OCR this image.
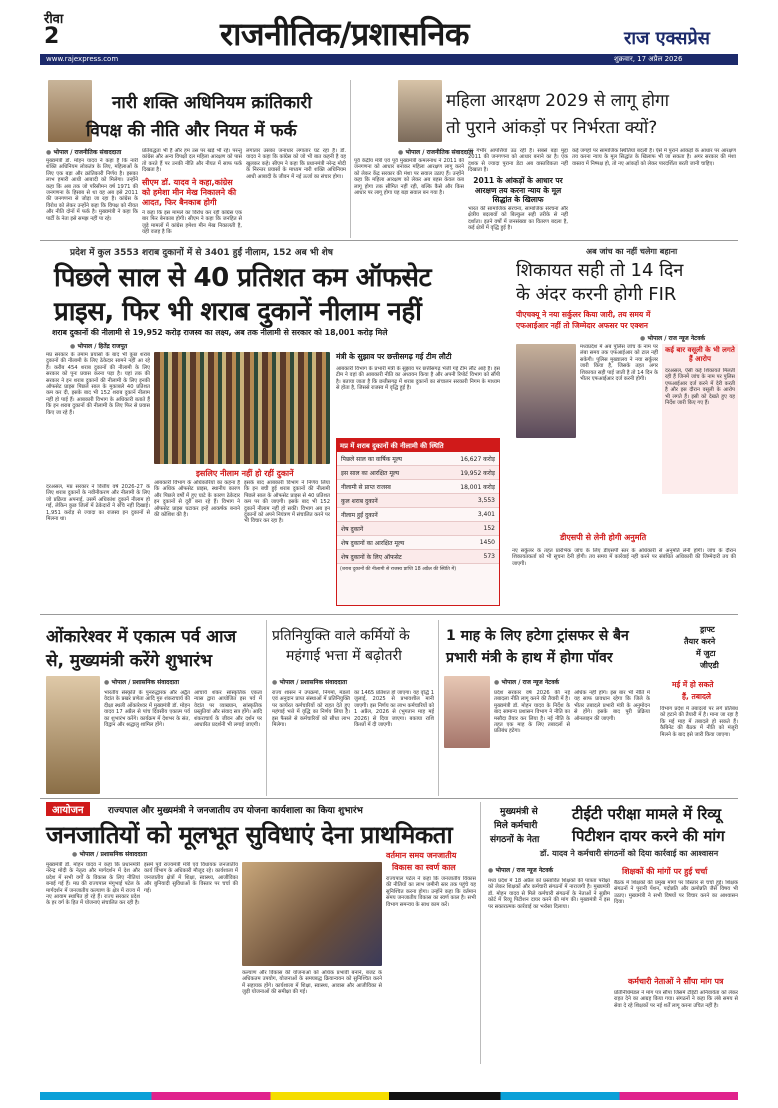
रीवा
2	राजनीतिक/प्रशासनिक	राज एक्सप्रेस
www.rajexpress.com	शुक्रवार, 17 अप्रैल 2026
नारी शक्ति अधिनियम क्रांतिकारी
विपक्ष की नीति और नियत में फर्क
● भोपाल / राजनीतिक संवाददाता
मुख्यमंत्री डॉ. मोहन यादव ने कहा है कि नारी शक्ति अधिनियम लोकतंत्र के लिए, महिलाओं के लिए एक बड़ा और क्रांतिकारी निर्णय है। इसका लाभ हमारी आधी आबादी को मिलेगा। उन्होंने कहा कि अब तक जो परिसीमन वर्ष 1971 की जनगणना के हिसाब से था वह अब इसे 2011 की जनगणना से जोड़ा जा रहा है। कांग्रेस के विरोध को लेकर उन्होंने कहा कि विपक्ष को नीयत और नीति दोनों में फर्क है। मुख्यमंत्री ने कहा कि पार्टी के नेता इसे समझ नहीं पा रहे।
प्रतिबद्धता भी है और हम उस पर खड़े भी रहें। परन्तु कांग्रेस और अन्य विपक्षी दल महिला आरक्षण को पास तो करते हैं पर उनकी नीति और नीयत में साफ फर्क दिखता है।
सीएम डॉ. यादव ने कहा,कांग्रेस को हमेशा मीन मेख निकालने की आदत, फिर बैनकाब होगी
ने कहा कि इस मामले का विरोध कर रही कांग्रेस एक बार फिर बेनकाब होगी। सीएम ने कहा कि जनहित से जुड़े मामलों में कांग्रेस हमेशा मीन मेख निकालती है, यही वजह है कि
लगातार उसका जनाधार लगातार घट रहा है। डॉ. यादव ने कहा कि कांग्रेस को जो भी बात कहनी है वह खुलकर कहे। सीएम ने कहा कि प्रधानमंत्री नरेन्द्र मोदी के निरन्तर प्रयासों के माध्यम नारी शक्ति अधिनियम आधी आबादी के जीवन में नई ऊर्जा का संचार होगा।
महिला आरक्षण 2029 से लागू होगा
तो पुराने आंकड़ों पर निर्भरता क्यों?
● भोपाल / राजनीतिक संवाददाता
पूर्व केंद्रीय मंत्री एवं पूर्व मुख्यमंत्री कमलनाथ ने 2011 की जनगणना को आधार बनाकर महिला आरक्षण लागू करने को लेकर केंद्र सरकार की मंशा पर सवाल उठाए हैं। उन्होंने कहा कि महिला आरक्षण को लेकर अब बहस केवल कब लागू होगा तक सीमित नहीं रही, बल्कि कैसे और किस आधार पर लागू होगा यह बड़ा सवाल बन गया है।
पर गंभीर आपत्तियां उठ रही हैं। सबसे बड़ा मुद्दा 2011 की जनगणना को आधार बनाने का है। एक दशक से ज्यादा पुराना डेटा अब वास्तविकता नहीं दिखाता है।
2011 के आंकड़ों के आधार पर आरक्षण तय करना न्याय के मूल सिद्धांत के खिलाफ
भारत की सामाजिक संरचना, सामाजिक संरचना और क्षेत्रीय बदलावों को बिल्कुल सही तरीके से नहीं दर्शाता। इतने वर्षों में जनसंख्या का वितरण बदला है, कई क्षेत्रों में वृद्धि हुई है।
कई जगहों पर सामाजिक स्थितियां बदली है। ऐसे में पुराने आंकड़ों के आधार पर आरक्षण तय करना न्याय के मूल सिद्धांत के खिलाफ भी जा सकता है। अगर सरकार की मंशा वास्तव में निष्पक्ष हो, तो नए आंकड़ों को लेकर पारदर्शिता बरती जानी चाहिए।
प्रदेश में कुल 3553 शराब दुकानों में से 3401 हुईं नीलाम, 152 अब भी शेष
पिछले साल से 40 प्रतिशत कम ऑफसेट
प्राइस, फिर भी शराब दुकानें नीलाम नहीं
शराब दुकानों की नीलामी से 19,952 करोड़ राजस्व का लक्ष्य, अब तक नीलामी से सरकार को 18,001 करोड़ मिले
● भोपाल / हितेंद्र राजपूत
मप्र सरकार के तमाम प्रयासों के बाद भी कुछ शराब दुकानों की नीलामी के लिए ठेकेदार सामने नहीं आ रहे हैं। करीब 454 शराब दुकानों की नीलामी के लिए सरकार को पुनः प्रयास करना पड़ा है। यहां तक की सरकार ने इन शराब दुकानों की नीलामी के लिए इनकी ऑफसेट प्राइस पिछले साल के मुकाबले 40 प्रतिशत कम कर दी, इसके बाद भी 152 शराब दुकानें नीलाम नहीं हो पाई हैं। आबकारी विभाग के अधिकारी बताते हैं कि इन शराब दुकानों की नीलामी के लिए फिर से प्रयास किए जा रहे हैं।
दरअसल, मप्र सरकार ने वित्तीय वर्ष 2026-27 के लिए शराब दुकानों के नवीनीकरण और नीलामी के लिए जो प्रक्रिया अपनाई, उसमें अधिकांश दुकानें नीलाम हो गईं, लेकिन कुछ जिलों में ठेकेदारों ने रुचि नहीं दिखाई। 1,951 करोड़ से ज्यादा का राजस्व इन दुकानों से मिलना था।
इसलिए नीलाम नहीं हो रहीं दुकानें
आबकारी विभाग के अधिकारियों का कहना है कि अधिक ऑफसेट प्राइस, स्थानीय कारण और पिछले वर्षों में हुए घाटे के कारण ठेकेदार इन दुकानों से दूरी बना रहे हैं। विभाग ने ऑफसेट प्राइस घटाकर इन्हें आकर्षक बनाने की कोशिश की है।
इसके बाद आबकारी विभाग ने निर्णय लिया कि इन बची हुई शराब दुकानों की नीलामी पिछले साल के ऑफसेट प्राइस से 40 प्रतिशत कम पर की जाएगी। इसके बाद भी 152 दुकानें नीलाम नहीं हो सकीं। विभाग अब इन दुकानों को अपने नियंत्रण में संचालित करने पर भी विचार कर रहा है।
मंत्री के सुझाव पर छत्तीसगढ़ गई टीम लौटी
आबकारी विभाग के प्रभारी मंत्री के सुझाव पर छत्तीसगढ़ भेजी गई टीम लौट आई है। इस टीम ने वहां की आबकारी नीति का अध्ययन किया है और अपनी रिपोर्ट विभाग को सौंपी है। बताया जाता है कि छत्तीसगढ़ में शराब दुकानों का संचालन सरकारी निगम के माध्यम से होता है, जिससे राजस्व में वृद्धि हुई है।
मप्र में शराब दुकानों की नीलामी की स्थिति
पिछले साल का वार्षिक मूल्य	16,627 करोड़
इस साल का आरक्षित मूल्य	19,952 करोड़
नीलामी से प्राप्त राजस्व	18,001 करोड़
कुल शराब दुकानें	3,553
नीलाम हुईं दुकानें	3,401
शेष दुकानें	152
शेष दुकानों का आरक्षित मूल्य	1450
शेष दुकानों के लिए ऑफसेट	573
(शराब दुकानों की नीलामी से राजस्व प्राप्ति 18 अप्रैल की स्थिति में)
अब जांच का नहीं चलेगा बहाना
शिकायत सही तो 14 दिन
के अंदर करनी होगी FIR
पीएचक्यू ने नया सर्कुलर किया जारी, तय समय में
एफआईआर नहीं तो जिम्मेदार अफसर पर एक्शन
● भोपाल / राज न्यूज नेटवर्क
मध्यप्रदेश में अब पुलिस जांच के नाम पर लंबा समय तक एफआईआर को टाल नहीं सकेगी। पुलिस मुख्यालय ने नया सर्कुलर जारी किया है, जिसके तहत अगर शिकायत सही पाई जाती है तो 14 दिन के भीतर एफआईआर दर्ज करनी होगी।
कई बार वसूली के भी लगते हैं आरोप
दरअसल, ऐसी कई शिकायतें मिलती रही हैं जिनमें जांच के नाम पर पुलिस एफआईआर दर्ज करने में देरी करती है और इस दौरान वसूली के आरोप भी लगते हैं। इसी को देखते हुए यह निर्देश जारी किए गए हैं।
डीएसपी से लेनी होगी अनुमति
नए सर्कुलर के तहत प्रारंभिक जांच के लिए डीएसपी स्तर के अधिकारी से अनुमति लेनी होगी। जांच के दौरान शिकायतकर्ता को भी सूचना देनी होगी। तय समय में कार्रवाई नहीं करने पर संबंधित अधिकारी की जिम्मेदारी तय की जाएगी।
ओंकारेश्वर में एकात्म पर्व आज
से, मुख्यमंत्री करेंगे शुभारंभ
● भोपाल / प्रशासनिक संवाददाता
भारतीय संस्कृति के पुनरुद्धारक और अद्वैत वेदांत के प्रखर प्रणेता आदि गुरु शंकराचार्य की दीक्षा स्थली ओंकारेश्वर में मुख्यमंत्री डॉ. मोहन यादव 17 अप्रैल से पांच दिवसीय एकात्म पर्व का शुभारंभ करेंगे। कार्यक्रम में देशभर के संत, विद्वान और श्रद्धालु शामिल होंगे।
आचार्य शंकर सांस्कृतिक एकता न्यास द्वारा आयोजित इस पर्व में वेदांत पर व्याख्यान, सांस्कृतिक प्रस्तुतियां और संवाद सत्र होंगे। आदि शंकराचार्य के जीवन और दर्शन पर आधारित प्रदर्शनी भी लगाई जाएगी।
प्रतिनियुक्ति वाले कर्मियों के
महंगाई भत्ता में बढ़ोतरी
● भोपाल / प्रशासनिक संवाददाता
राज्य शासन ने उपक्रमों, निगमों, मंडलों एवं अनुदान प्राप्त संस्थाओं में प्रतिनियुक्ति पर कार्यरत कर्मचारियों को राहत देते हुए महंगाई भत्ते में वृद्धि का निर्णय लिया है। इस फैसले से कर्मचारियों को सीधा लाभ मिलेगा।
का 1465 प्रतिशत हो जाएगा। यह वृद्धि 1 जुलाई, 2025 से प्रभावशील मानी जाएगी। इस निर्णय का लाभ कर्मचारियों को 1 अप्रैल, 2026 से (भुगतान माह मई 2026) से दिया जाएगा। बकाया राशि किश्तों में दी जाएगी।
1 माह के लिए हटेगा ट्रांसफर से बैन
प्रभारी मंत्री के हाथ में होगा पॉवर
● भोपाल / राज न्यूज नेटवर्क
प्रदेश सरकार वर्ष 2026 की नई तबादला नीति लागू करने की तैयारी में है। मुख्यमंत्री डॉ. मोहन यादव के निर्देश के बाद सामान्य प्रशासन विभाग ने नीति का मसौदा तैयार कर लिया है। नई नीति के तहत एक माह के लिए तबादलों से प्रतिबंध हटेगा।
अधिक नहीं होंगे। इस बार भी नीति में यह साफ प्रावधान रहेगा कि जिले के भीतर तबादले प्रभारी मंत्री के अनुमोदन से होंगे। इसके बाद पूरी प्रक्रिया ऑनलाइन की जाएगी।
ड्राफ्ट
तैयार करने
में जुटा
जीएडी
मई में हो सकते
हैं, तबादले
विभाग प्रदेश में तबादलों पर लगे प्रतिबंध को हटाने की तैयारी में है। माना जा रहा है कि मई माह में तबादले हो सकते हैं। कैबिनेट की बैठक में नीति को मंजूरी मिलने के बाद इसे जारी किया जाएगा।
आयोजन	राज्यपाल और मुख्यमंत्री ने जनजातीय उप योजना कार्यशाला का किया शुभारंभ
जनजातियों को मूलभूत सुविधाएं देना प्राथमिकता
● भोपाल / प्रशासनिक संवाददाता
मुख्यमंत्री डॉ. मोहन यादव ने कहा कि प्रधानमंत्री नरेन्द्र मोदी के नेतृत्व और मार्गदर्शन में देश और प्रदेश में सभी वर्गों के विकास के लिए नीतियां बनाई गई हैं। मप्र की राज्यपाल मंगुभाई पटेल के मार्गदर्शन में जनजातीय कल्याण के क्षेत्र में राज्य में नए आयाम स्थापित हो रहे हैं। राज्य सरकार प्रदेश के हर वर्ग के हित में योजनाएं संचालित कर रही है।
इसमें पूर्व राज्यमंत्री मंत्री एवं विधायक जनजातीय कार्य विभाग के अधिकारी मौजूद रहे। कार्यशाला में जनजातीय क्षेत्रों में शिक्षा, स्वास्थ्य, आजीविका और बुनियादी सुविधाओं के विस्तार पर चर्चा की गई।
कल्याण और विकास की योजनाओं को अधिक प्रभावी बनाने, बजट के अधिकतम उपयोग, योजनाओं के समयबद्ध क्रियान्वयन को सुनिश्चित करने में सहायक होंगे। कार्यशाला में शिक्षा, स्वास्थ्य, आवास और आजीविका से जुड़ी योजनाओं की समीक्षा की गई।
वर्तमान समय जनजातीय
विकास का स्वर्ण काल
राज्यपाल पटेल ने कहा कि जनजातीय विकास की नीतियों का लाभ जमीनी स्तर तक पहुंचे यह सुनिश्चित करना होगा। उन्होंने कहा कि वर्तमान समय जनजातीय विकास का स्वर्ण काल है। सभी विभाग समन्वय के साथ काम करें।
मुख्यमंत्री से
मिले कर्मचारी
संगठनों के नेता
टीईटी परीक्षा मामले में रिव्यू
पिटीशन दायर करने की मांग
डॉ. यादव ने कर्मचारी संगठनों को दिया कार्रवाई का आश्वासन
● भोपाल / राज न्यूज नेटवर्क
मध्य प्रदेश में 18 अप्रैल को प्रस्तावित शिक्षकों की पात्रता परीक्षा को लेकर शिक्षकों और कर्मचारी संगठनों में नाराजगी है। मुख्यमंत्री डॉ. मोहन यादव से मिले कर्मचारी संगठनों के नेताओं ने सुप्रीम कोर्ट में रिव्यू पिटीशन दायर करने की मांग की। मुख्यमंत्री ने इस पर सकारात्मक कार्रवाई का भरोसा दिलाया।
शिक्षकों की मांगों पर हुई चर्चा
बैठक में शिक्षकों की प्रमुख मांगों पर विस्तार से चर्चा हुई। शिक्षक संगठनों ने पुरानी पेंशन, पदोन्नति और क्रमोन्नति जैसे विषय भी उठाए। मुख्यमंत्री ने सभी विषयों पर विचार करने का आश्वासन दिया।
कर्मचारी नेताओं ने सौंपा मांग पत्र
प्रतिनिधिमंडल ने मांग पत्र सौंपा जिसमें टीईटी अनिवार्यता को लेकर राहत देने का आग्रह किया गया। संगठनों ने कहा कि लंबे समय से सेवा दे रहे शिक्षकों पर नई शर्तें लागू करना उचित नहीं है।
